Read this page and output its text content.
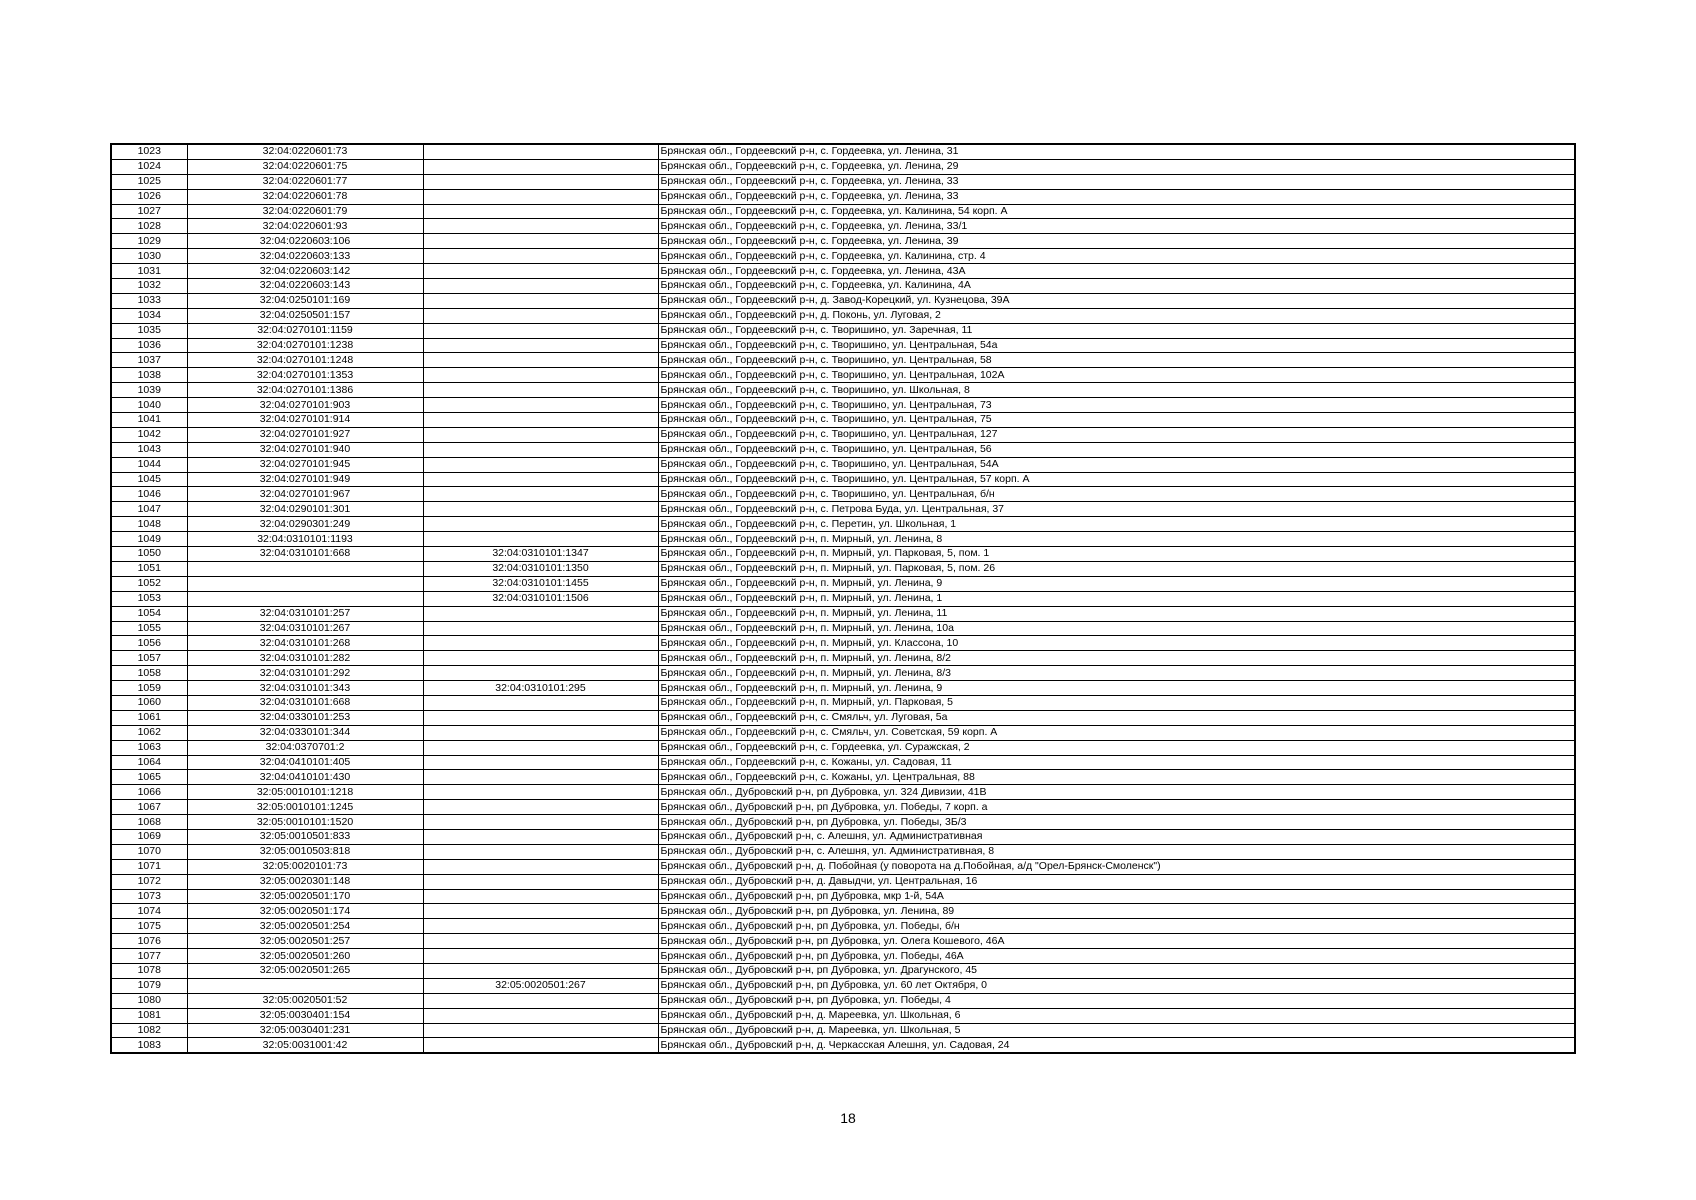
1023	32:04:0220601:73		Брянская обл., Гордеевский р-н, с. Гордеевка, ул. Ленина, 31
1024	32:04:0220601:75		Брянская обл., Гордеевский р-н, с. Гордеевка, ул. Ленина, 29
1025	32:04:0220601:77		Брянская обл., Гордеевский р-н, с. Гордеевка, ул. Ленина, 33
1026	32:04:0220601:78		Брянская обл., Гордеевский р-н, с. Гордеевка, ул. Ленина, 33
1027	32:04:0220601:79		Брянская обл., Гордеевский р-н, с. Гордеевка, ул. Калинина, 54 корп. А
1028	32:04:0220601:93		Брянская обл., Гордеевский р-н, с. Гордеевка, ул. Ленина, 33/1
1029	32:04:0220603:106		Брянская обл., Гордеевский р-н, с. Гордеевка, ул. Ленина, 39
1030	32:04:0220603:133		Брянская обл., Гордеевский р-н, с. Гордеевка, ул. Калинина, стр. 4
1031	32:04:0220603:142		Брянская обл., Гордеевский р-н, с. Гордеевка, ул. Ленина, 43А
1032	32:04:0220603:143		Брянская обл., Гордеевский р-н, с. Гордеевка, ул. Калинина, 4А
1033	32:04:0250101:169		Брянская обл., Гордеевский р-н, д. Завод-Корецкий, ул. Кузнецова, 39А
1034	32:04:0250501:157		Брянская обл., Гордеевский р-н, д. Поконь, ул. Луговая, 2
1035	32:04:0270101:1159		Брянская обл., Гордеевский р-н, с. Творишино, ул. Заречная, 11
1036	32:04:0270101:1238		Брянская обл., Гордеевский р-н, с. Творишино, ул. Центральная, 54а
1037	32:04:0270101:1248		Брянская обл., Гордеевский р-н, с. Творишино, ул. Центральная, 58
1038	32:04:0270101:1353		Брянская обл., Гордеевский р-н, с. Творишино, ул. Центральная, 102А
1039	32:04:0270101:1386		Брянская обл., Гордеевский р-н, с. Творишино, ул. Школьная, 8
1040	32:04:0270101:903		Брянская обл., Гордеевский р-н, с. Творишино, ул. Центральная, 73
1041	32:04:0270101:914		Брянская обл., Гордеевский р-н, с. Творишино, ул. Центральная, 75
1042	32:04:0270101:927		Брянская обл., Гордеевский р-н, с. Творишино, ул. Центральная, 127
1043	32:04:0270101:940		Брянская обл., Гордеевский р-н, с. Творишино, ул. Центральная, 56
1044	32:04:0270101:945		Брянская обл., Гордеевский р-н, с. Творишино, ул. Центральная, 54А
1045	32:04:0270101:949		Брянская обл., Гордеевский р-н, с. Творишино, ул. Центральная, 57 корп. А
1046	32:04:0270101:967		Брянская обл., Гордеевский р-н, с. Творишино, ул. Центральная, б/н
1047	32:04:0290101:301		Брянская обл., Гордеевский р-н, с. Петрова Буда, ул. Центральная, 37
1048	32:04:0290301:249		Брянская обл., Гордеевский р-н, с. Перетин, ул. Школьная, 1
1049	32:04:0310101:1193		Брянская обл., Гордеевский р-н, п. Мирный, ул. Ленина, 8
1050	32:04:0310101:668	32:04:0310101:1347	Брянская обл., Гордеевский р-н, п. Мирный, ул. Парковая, 5, пом. 1
1051		32:04:0310101:1350	Брянская обл., Гордеевский р-н, п. Мирный, ул. Парковая, 5, пом. 26
1052		32:04:0310101:1455	Брянская обл., Гордеевский р-н, п. Мирный, ул. Ленина, 9
1053		32:04:0310101:1506	Брянская обл., Гордеевский р-н, п. Мирный, ул. Ленина, 1
1054	32:04:0310101:257		Брянская обл., Гордеевский р-н, п. Мирный, ул. Ленина, 11
1055	32:04:0310101:267		Брянская обл., Гордеевский р-н, п. Мирный, ул. Ленина, 10а
1056	32:04:0310101:268		Брянская обл., Гордеевский р-н, п. Мирный, ул. Классона, 10
1057	32:04:0310101:282		Брянская обл., Гордеевский р-н, п. Мирный, ул. Ленина, 8/2
1058	32:04:0310101:292		Брянская обл., Гордеевский р-н, п. Мирный, ул. Ленина, 8/3
1059	32:04:0310101:343	32:04:0310101:295	Брянская обл., Гордеевский р-н, п. Мирный, ул. Ленина, 9
1060	32:04:0310101:668		Брянская обл., Гордеевский р-н, п. Мирный, ул. Парковая, 5
1061	32:04:0330101:253		Брянская обл., Гордеевский р-н, с. Смяльч, ул. Луговая, 5а
1062	32:04:0330101:344		Брянская обл., Гордеевский р-н, с. Смяльч, ул. Советская, 59 корп. А
1063	32:04:0370701:2		Брянская обл., Гордеевский р-н, с. Гордеевка, ул. Суражская, 2
1064	32:04:0410101:405		Брянская обл., Гордеевский р-н, с. Кожаны, ул. Садовая, 11
1065	32:04:0410101:430		Брянская обл., Гордеевский р-н, с. Кожаны, ул. Центральная, 88
1066	32:05:0010101:1218		Брянская обл., Дубровский р-н, рп Дубровка, ул. 324 Дивизии, 41В
1067	32:05:0010101:1245		Брянская обл., Дубровский р-н, рп Дубровка, ул. Победы, 7 корп. а
1068	32:05:0010101:1520		Брянская обл., Дубровский р-н, рп Дубровка, ул. Победы, 3Б/3
1069	32:05:0010501:833		Брянская обл., Дубровский р-н, с. Алешня, ул. Административная
1070	32:05:0010503:818		Брянская обл., Дубровский р-н, с. Алешня, ул. Административная, 8
1071	32:05:0020101:73		Брянская обл., Дубровский р-н, д. Побойная (у поворота на д.Побойная, а/д "Орел-Брянск-Смоленск")
1072	32:05:0020301:148		Брянская обл., Дубровский р-н, д. Давыдчи, ул. Центральная, 16
1073	32:05:0020501:170		Брянская обл., Дубровский р-н, рп Дубровка, мкр 1-й, 54А
1074	32:05:0020501:174		Брянская обл., Дубровский р-н, рп Дубровка, ул. Ленина, 89
1075	32:05:0020501:254		Брянская обл., Дубровский р-н, рп Дубровка, ул. Победы, б/н
1076	32:05:0020501:257		Брянская обл., Дубровский р-н, рп Дубровка, ул. Олега Кошевого, 46А
1077	32:05:0020501:260		Брянская обл., Дубровский р-н, рп Дубровка, ул. Победы, 46А
1078	32:05:0020501:265		Брянская обл., Дубровский р-н, рп Дубровка, ул. Драгунского, 45
1079		32:05:0020501:267	Брянская обл., Дубровский р-н, рп Дубровка, ул. 60 лет Октября, 0
1080	32:05:0020501:52		Брянская обл., Дубровский р-н, рп Дубровка, ул. Победы, 4
1081	32:05:0030401:154		Брянская обл., Дубровский р-н, д. Мареевка, ул. Школьная, 6
1082	32:05:0030401:231		Брянская обл., Дубровский р-н, д. Мареевка, ул. Школьная, 5
1083	32:05:0031001:42		Брянская обл., Дубровский р-н, д. Черкасская Алешня, ул. Садовая, 24
18
